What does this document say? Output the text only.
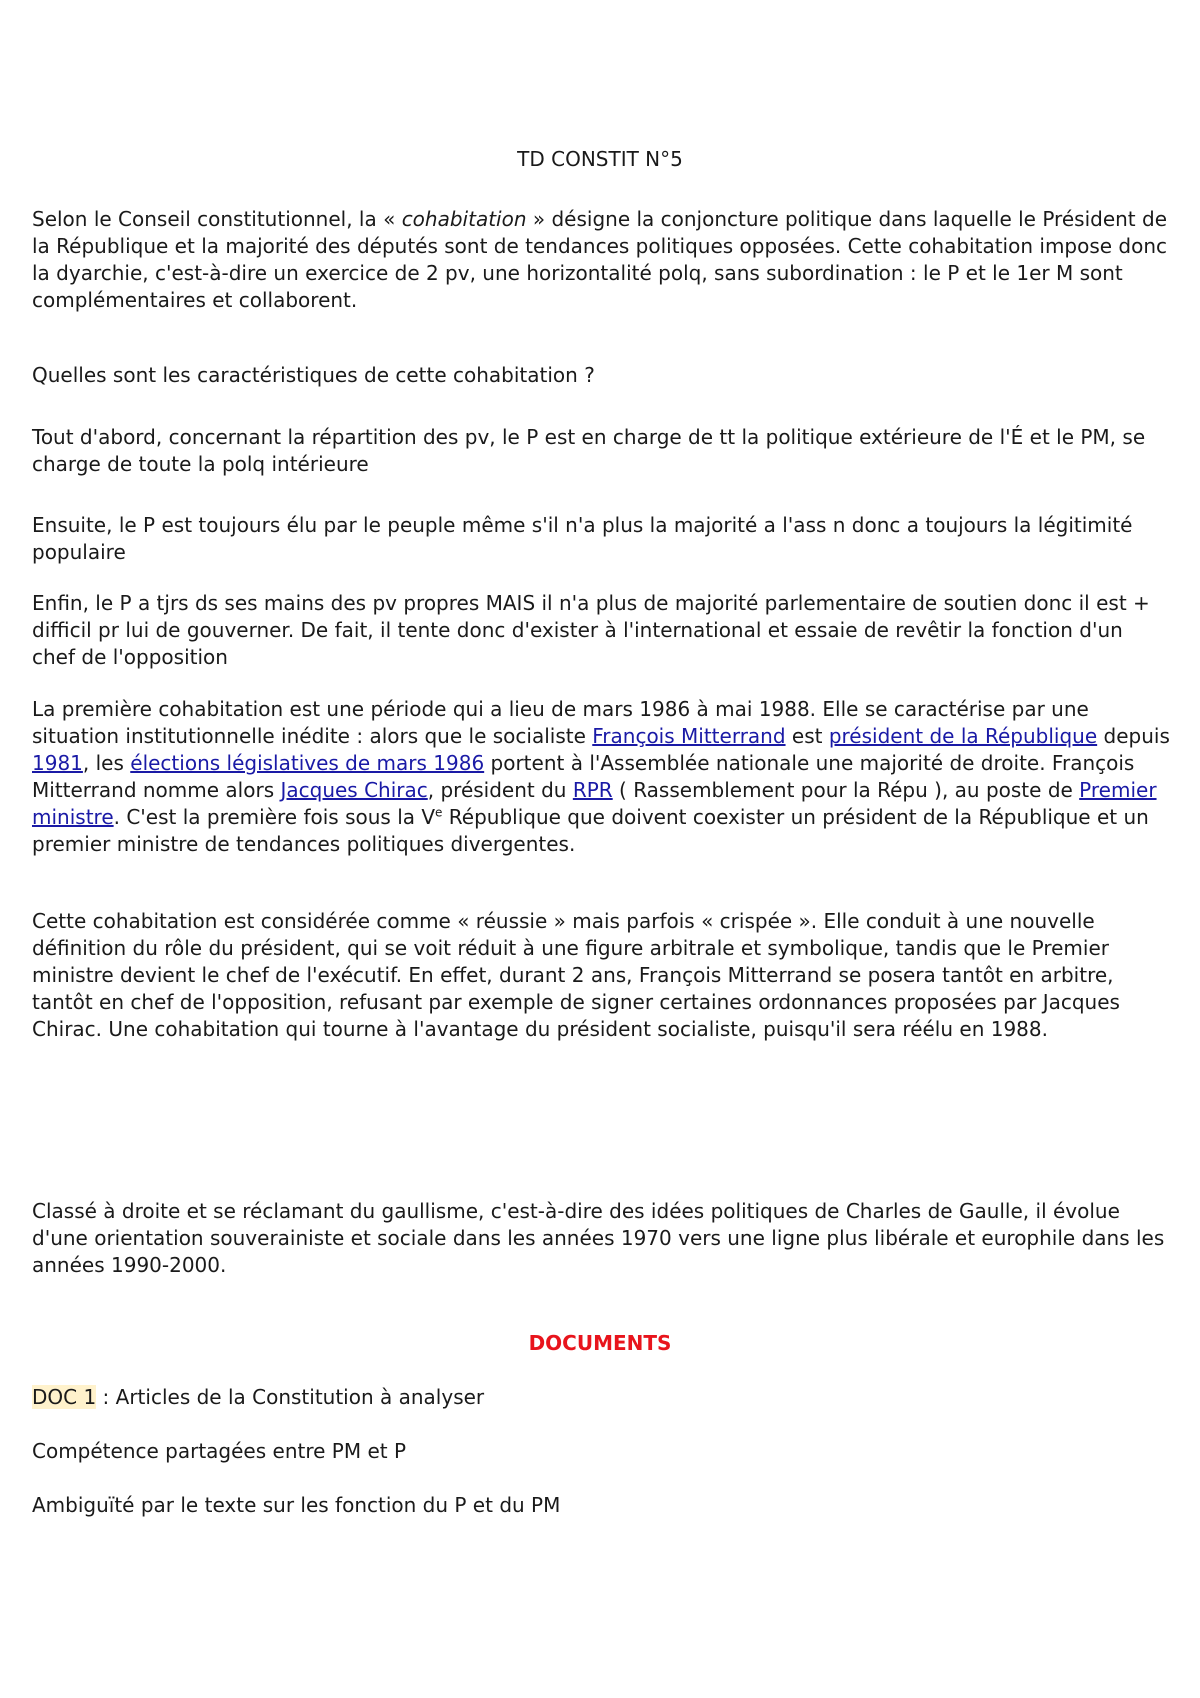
TD CONSTIT N°5

Selon le Conseil constitutionnel, la « cohabitation » désigne la conjoncture politique dans laquelle le Président de la République et la majorité des députés sont de tendances politiques opposées. Cette cohabitation impose donc la dyarchie, c'est-à-dire un exercice de 2 pv, une horizontalité polq, sans subordination : le P et le 1er M sont complémentaires et collaborent.

Quelles sont les caractéristiques de cette cohabitation ?

Tout d'abord, concernant la répartition des pv, le P est en charge de tt la politique extérieure de l'É et le PM, se charge de toute la polq intérieure

Ensuite, le P est toujours élu par le peuple même s'il n'a plus la majorité a l'ass n donc a toujours la légitimité populaire

Enfin, le P a tjrs ds ses mains des pv propres MAIS il n'a plus de majorité parlementaire de soutien donc il est + difficil pr lui de gouverner. De fait, il tente donc d'exister à l'international et essaie de revêtir la fonction d'un chef de l'opposition

La première cohabitation est une période qui a lieu de mars 1986 à mai 1988. Elle se caractérise par une situation institutionnelle inédite : alors que le socialiste François Mitterrand est président de la République depuis 1981, les élections législatives de mars 1986 portent à l'Assemblée nationale une majorité de droite. François Mitterrand nomme alors Jacques Chirac, président du RPR ( Rassemblement pour la Répu ), au poste de Premier ministre. C'est la première fois sous la Ve République que doivent coexister un président de la République et un premier ministre de tendances politiques divergentes.

Cette cohabitation est considérée comme « réussie » mais parfois « crispée ». Elle conduit à une nouvelle définition du rôle du président, qui se voit réduit à une figure arbitrale et symbolique, tandis que le Premier ministre devient le chef de l'exécutif. En effet, durant 2 ans, François Mitterrand se posera tantôt en arbitre, tantôt en chef de l'opposition, refusant par exemple de signer certaines ordonnances proposées par Jacques Chirac. Une cohabitation qui tourne à l'avantage du président socialiste, puisqu'il sera réélu en 1988.

Classé à droite et se réclamant du gaullisme, c'est-à-dire des idées politiques de Charles de Gaulle, il évolue d'une orientation souverainiste et sociale dans les années 1970 vers une ligne plus libérale et europhile dans les années 1990-2000.

DOCUMENTS

DOC 1 : Articles de la Constitution à analyser

Compétence partagées entre PM et P

Ambiguïté par le texte sur les fonction du P et du PM
